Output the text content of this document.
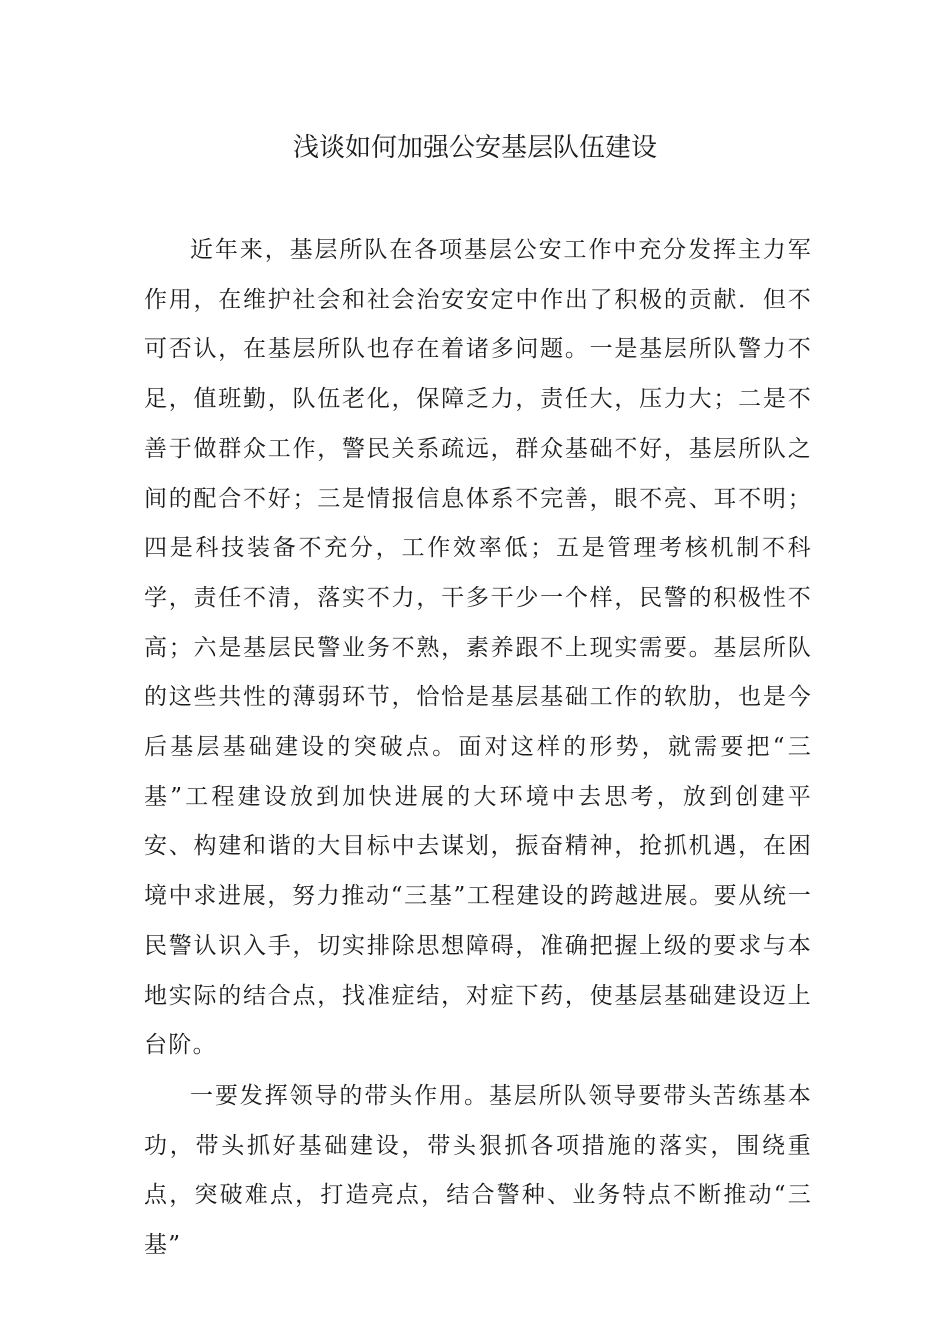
浅谈如何加强公安基层队伍建设

近年来，基层所队在各项基层公安工作中充分发挥主力军作用，在维护社会和社会治安安定中作出了积极的贡献．但不可否认，在基层所队也存在着诸多问题。一是基层所队警力不足，值班勤，队伍老化，保障乏力，责任大，压力大；二是不善于做群众工作，警民关系疏远，群众基础不好，基层所队之间的配合不好；三是情报信息体系不完善，眼不亮、耳不明；四是科技装备不充分，工作效率低；五是管理考核机制不科学，责任不清，落实不力，干多干少一个样，民警的积极性不高；六是基层民警业务不熟，素养跟不上现实需要。基层所队的这些共性的薄弱环节，恰恰是基层基础工作的软肋，也是今后基层基础建设的突破点。面对这样的形势，就需要把“三基”工程建设放到加快进展的大环境中去思考，放到创建平安、构建和谐的大目标中去谋划，振奋精神，抢抓机遇，在困境中求进展，努力推动“三基”工程建设的跨越进展。要从统一民警认识入手，切实排除思想障碍，准确把握上级的要求与本地实际的结合点，找准症结，对症下药，使基层基础建设迈上台阶。

一要发挥领导的带头作用。基层所队领导要带头苦练基本功，带头抓好基础建设，带头狠抓各项措施的落实，围绕重点，突破难点，打造亮点，结合警种、业务特点不断推动“三基”
